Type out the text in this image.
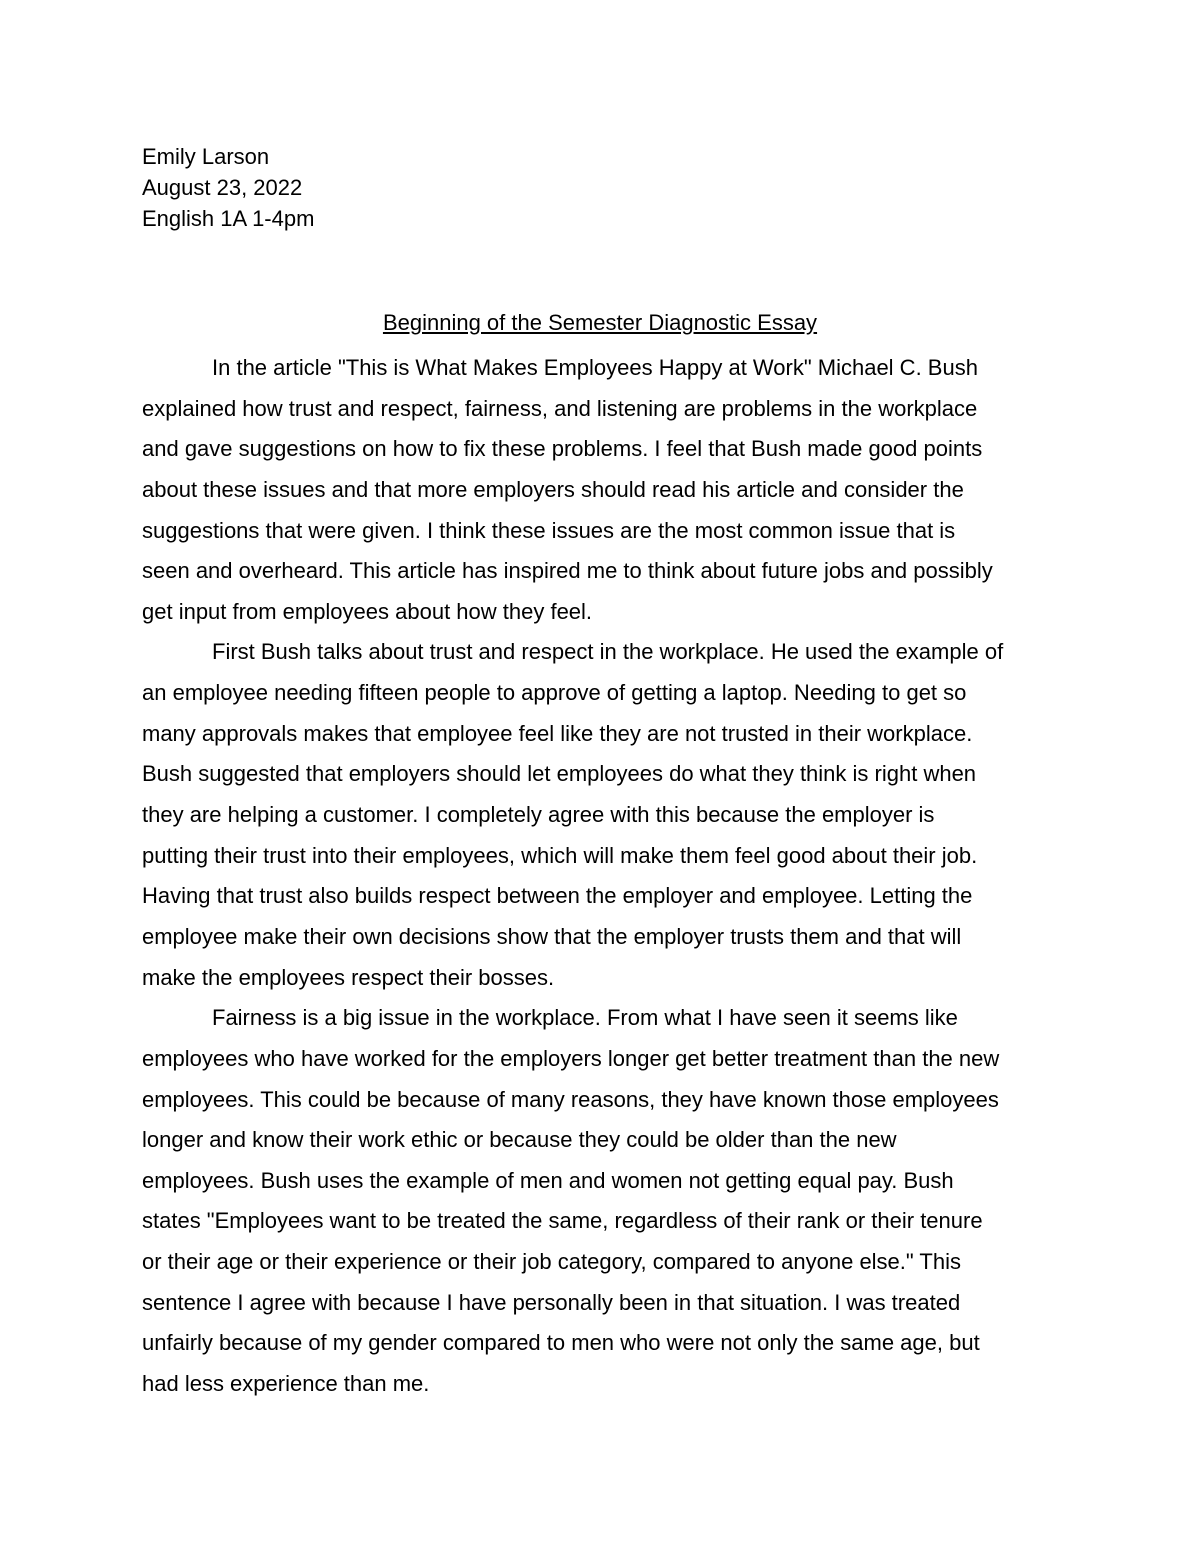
Emily Larson
August 23, 2022
English 1A 1-4pm
Beginning of the Semester Diagnostic Essay
In the article "This is What Makes Employees Happy at Work" Michael C. Bush
explained how trust and respect, fairness, and listening are problems in the workplace
and gave suggestions on how to fix these problems. I feel that Bush made good points
about these issues and that more employers should read his article and consider the
suggestions that were given. I think these issues are the most common issue that is
seen and overheard. This article has inspired me to think about future jobs and possibly
get input from employees about how they feel.
First Bush talks about trust and respect in the workplace. He used the example of
an employee needing fifteen people to approve of getting a laptop. Needing to get so
many approvals makes that employee feel like they are not trusted in their workplace.
Bush suggested that employers should let employees do what they think is right when
they are helping a customer. I completely agree with this because the employer is
putting their trust into their employees, which will make them feel good about their job.
Having that trust also builds respect between the employer and employee. Letting the
employee make their own decisions show that the employer trusts them and that will
make the employees respect their bosses.
Fairness is a big issue in the workplace. From what I have seen it seems like
employees who have worked for the employers longer get better treatment than the new
employees. This could be because of many reasons, they have known those employees
longer and know their work ethic or because they could be older than the new
employees. Bush uses the example of men and women not getting equal pay. Bush
states "Employees want to be treated the same, regardless of their rank or their tenure
or their age or their experience or their job category, compared to anyone else." This
sentence I agree with because I have personally been in that situation. I was treated
unfairly because of my gender compared to men who were not only the same age, but
had less experience than me.
